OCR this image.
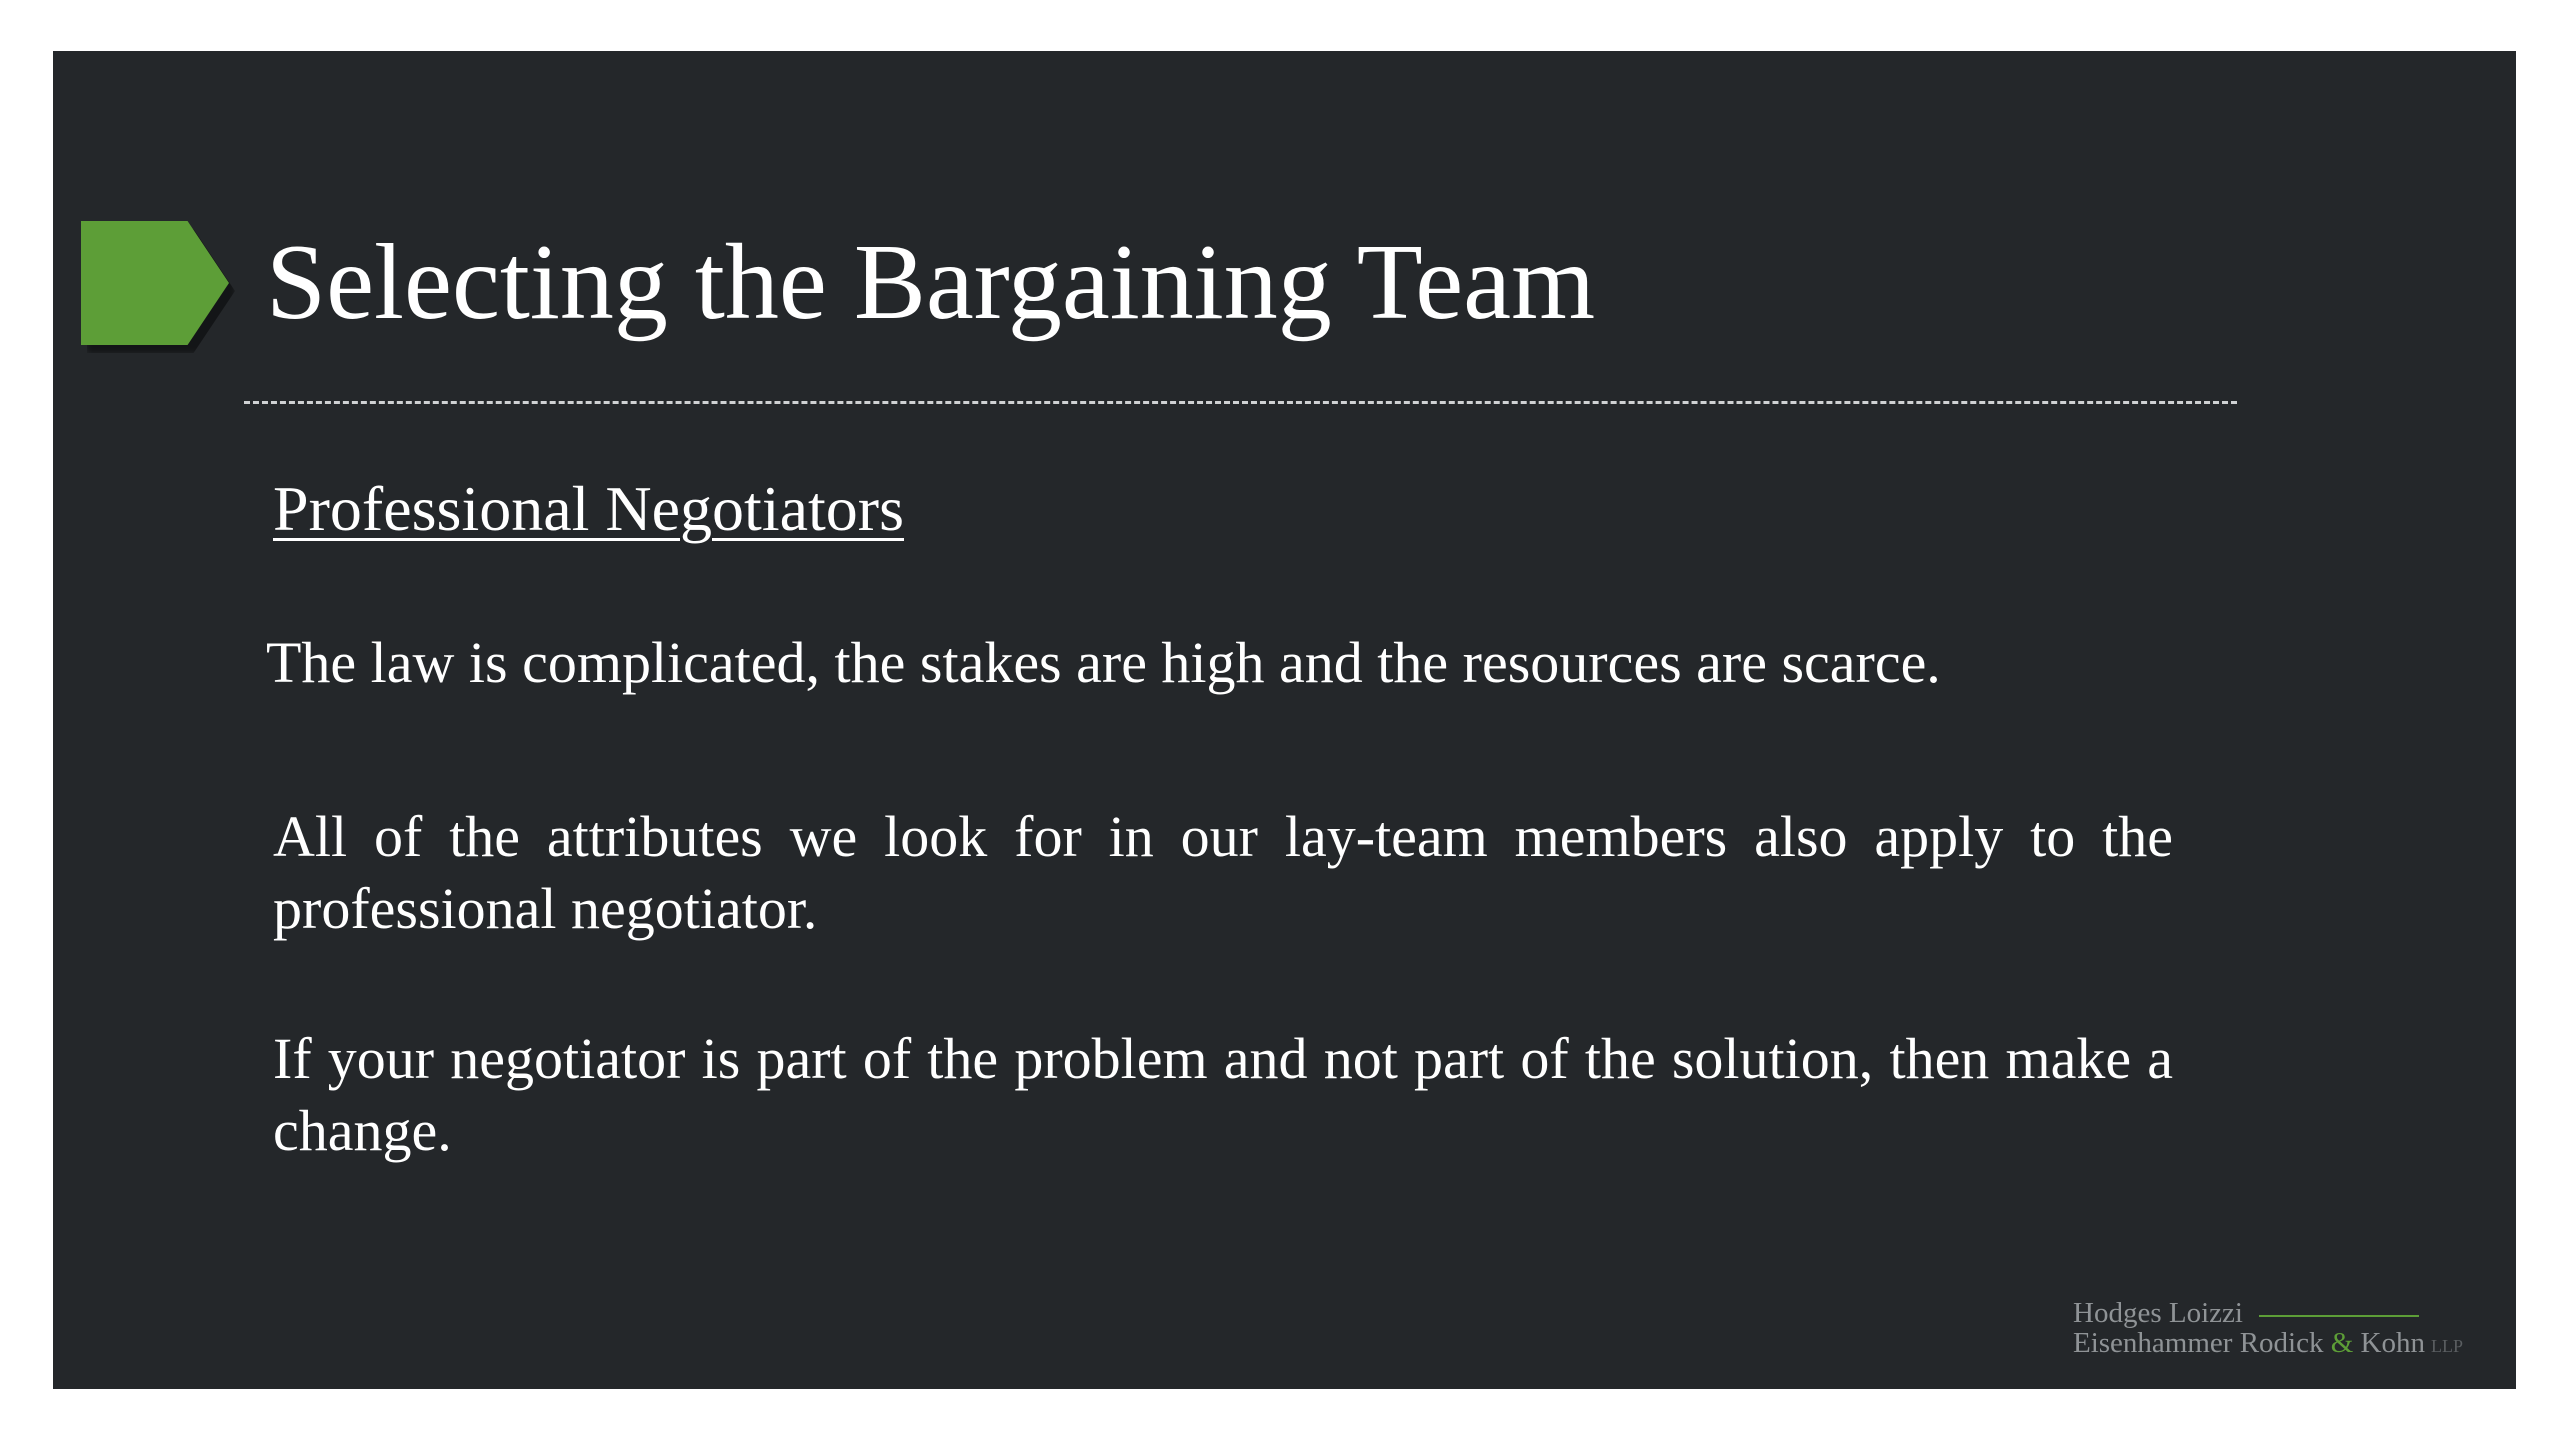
Selecting the Bargaining Team
Professional Negotiators

The law is complicated, the stakes are high and the resources are scarce.

All of the attributes we look for in our lay-team members also apply to the professional negotiator.

If your negotiator is part of the problem and not part of the solution, then make a change.

Hodges Loizzi
Eisenhammer Rodick & Kohn LLP
